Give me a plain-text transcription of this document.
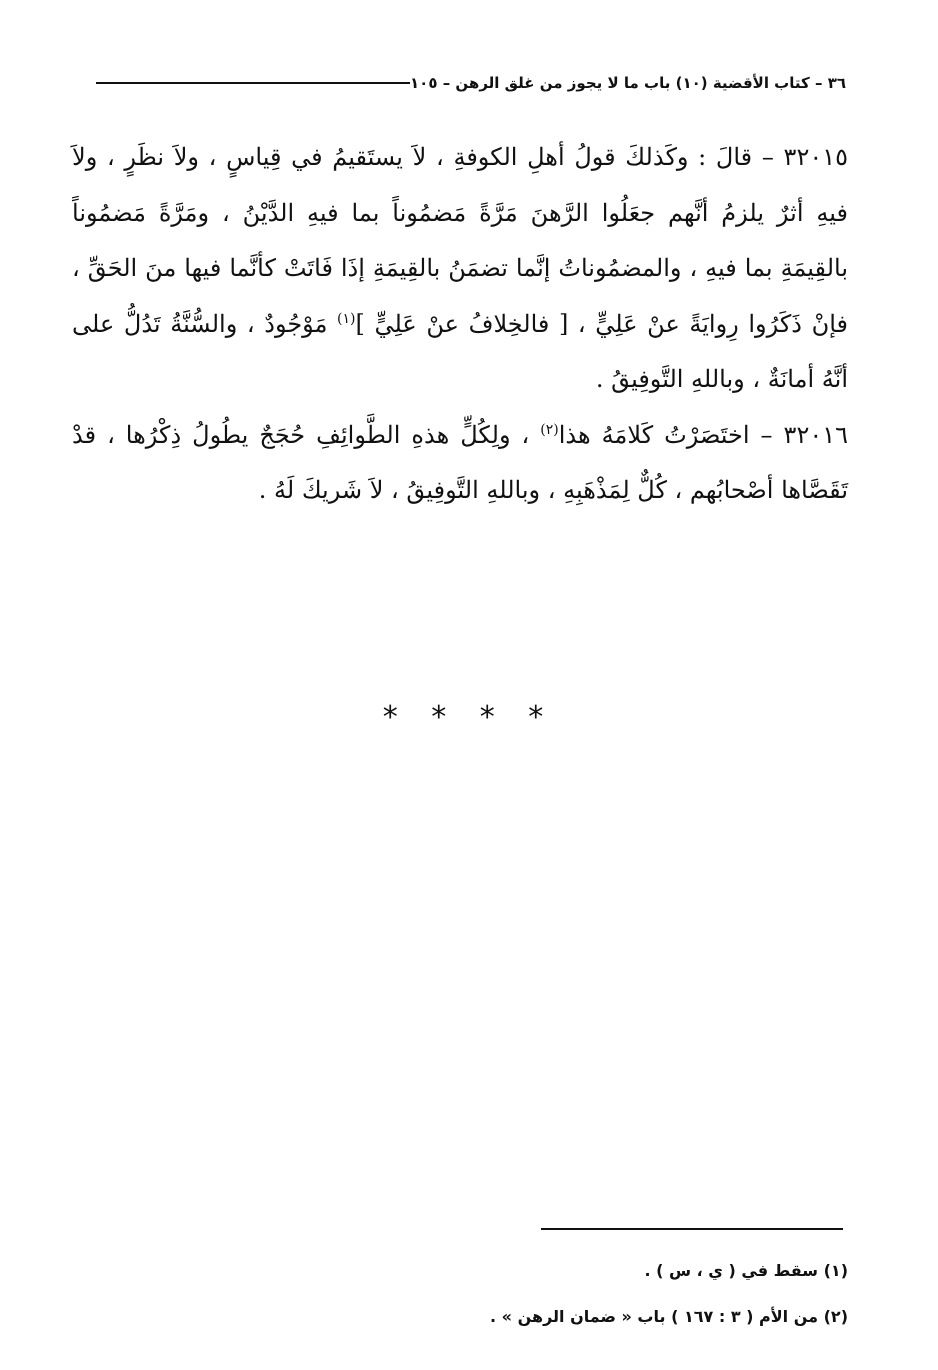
٣٦ – كتاب الأقضية (١٠) باب ما لا يجوز من غلق الرهن – ١٠٥

٣٢٠١٥ – قالَ : وكَذلكَ قولُ أهلِ الكوفةِ ، لاَ يستَقيمُ في قِياسٍ ، ولاَ نظَرٍ ، ولاَ فيهِ أثرٌ يلزمُ أنَّهم جعَلُوا الرَّهنَ مَرَّةً مَضمُوناً بما فيهِ الدَّيْنُ ، ومَرَّةً مَضمُوناً بالقِيمَةِ بما فيهِ ، والمضمُوناتُ إنَّما تضمَنُ بالقِيمَةِ إذَا فَاتَتْ كأنَّما فيها منَ الحَقِّ ، فإنْ ذَكَرُوا رِوايَةً عنْ عَلِيٍّ ، [ فالخِلافُ عنْ عَلِيٍّ ]$^{(١)}$ مَوْجُودٌ ، والسُّنَّةُ تَدُلُّ على أنَّهُ أمانَةٌ ، وباللهِ التَّوفِيقُ .

٣٢٠١٦ – اختَصَرْتُ كَلامَهُ هذا$^{(٢)}$ ، ولِكُلٍّ هذهِ الطَّوائِفِ حُجَجٌ يطُولُ ذِكْرُها ، قدْ تَقَصَّاها أصْحابُهم ، كُلٌّ لِمَذْهَبِهِ ، وباللهِ التَّوفِيقُ ، لاَ شَريكَ لَهُ .

* * * *

(١) سقط في ( ي ، س ) .

(٢) من الأم ( ٣ : ١٦٧ ) باب « ضمان الرهن » .
